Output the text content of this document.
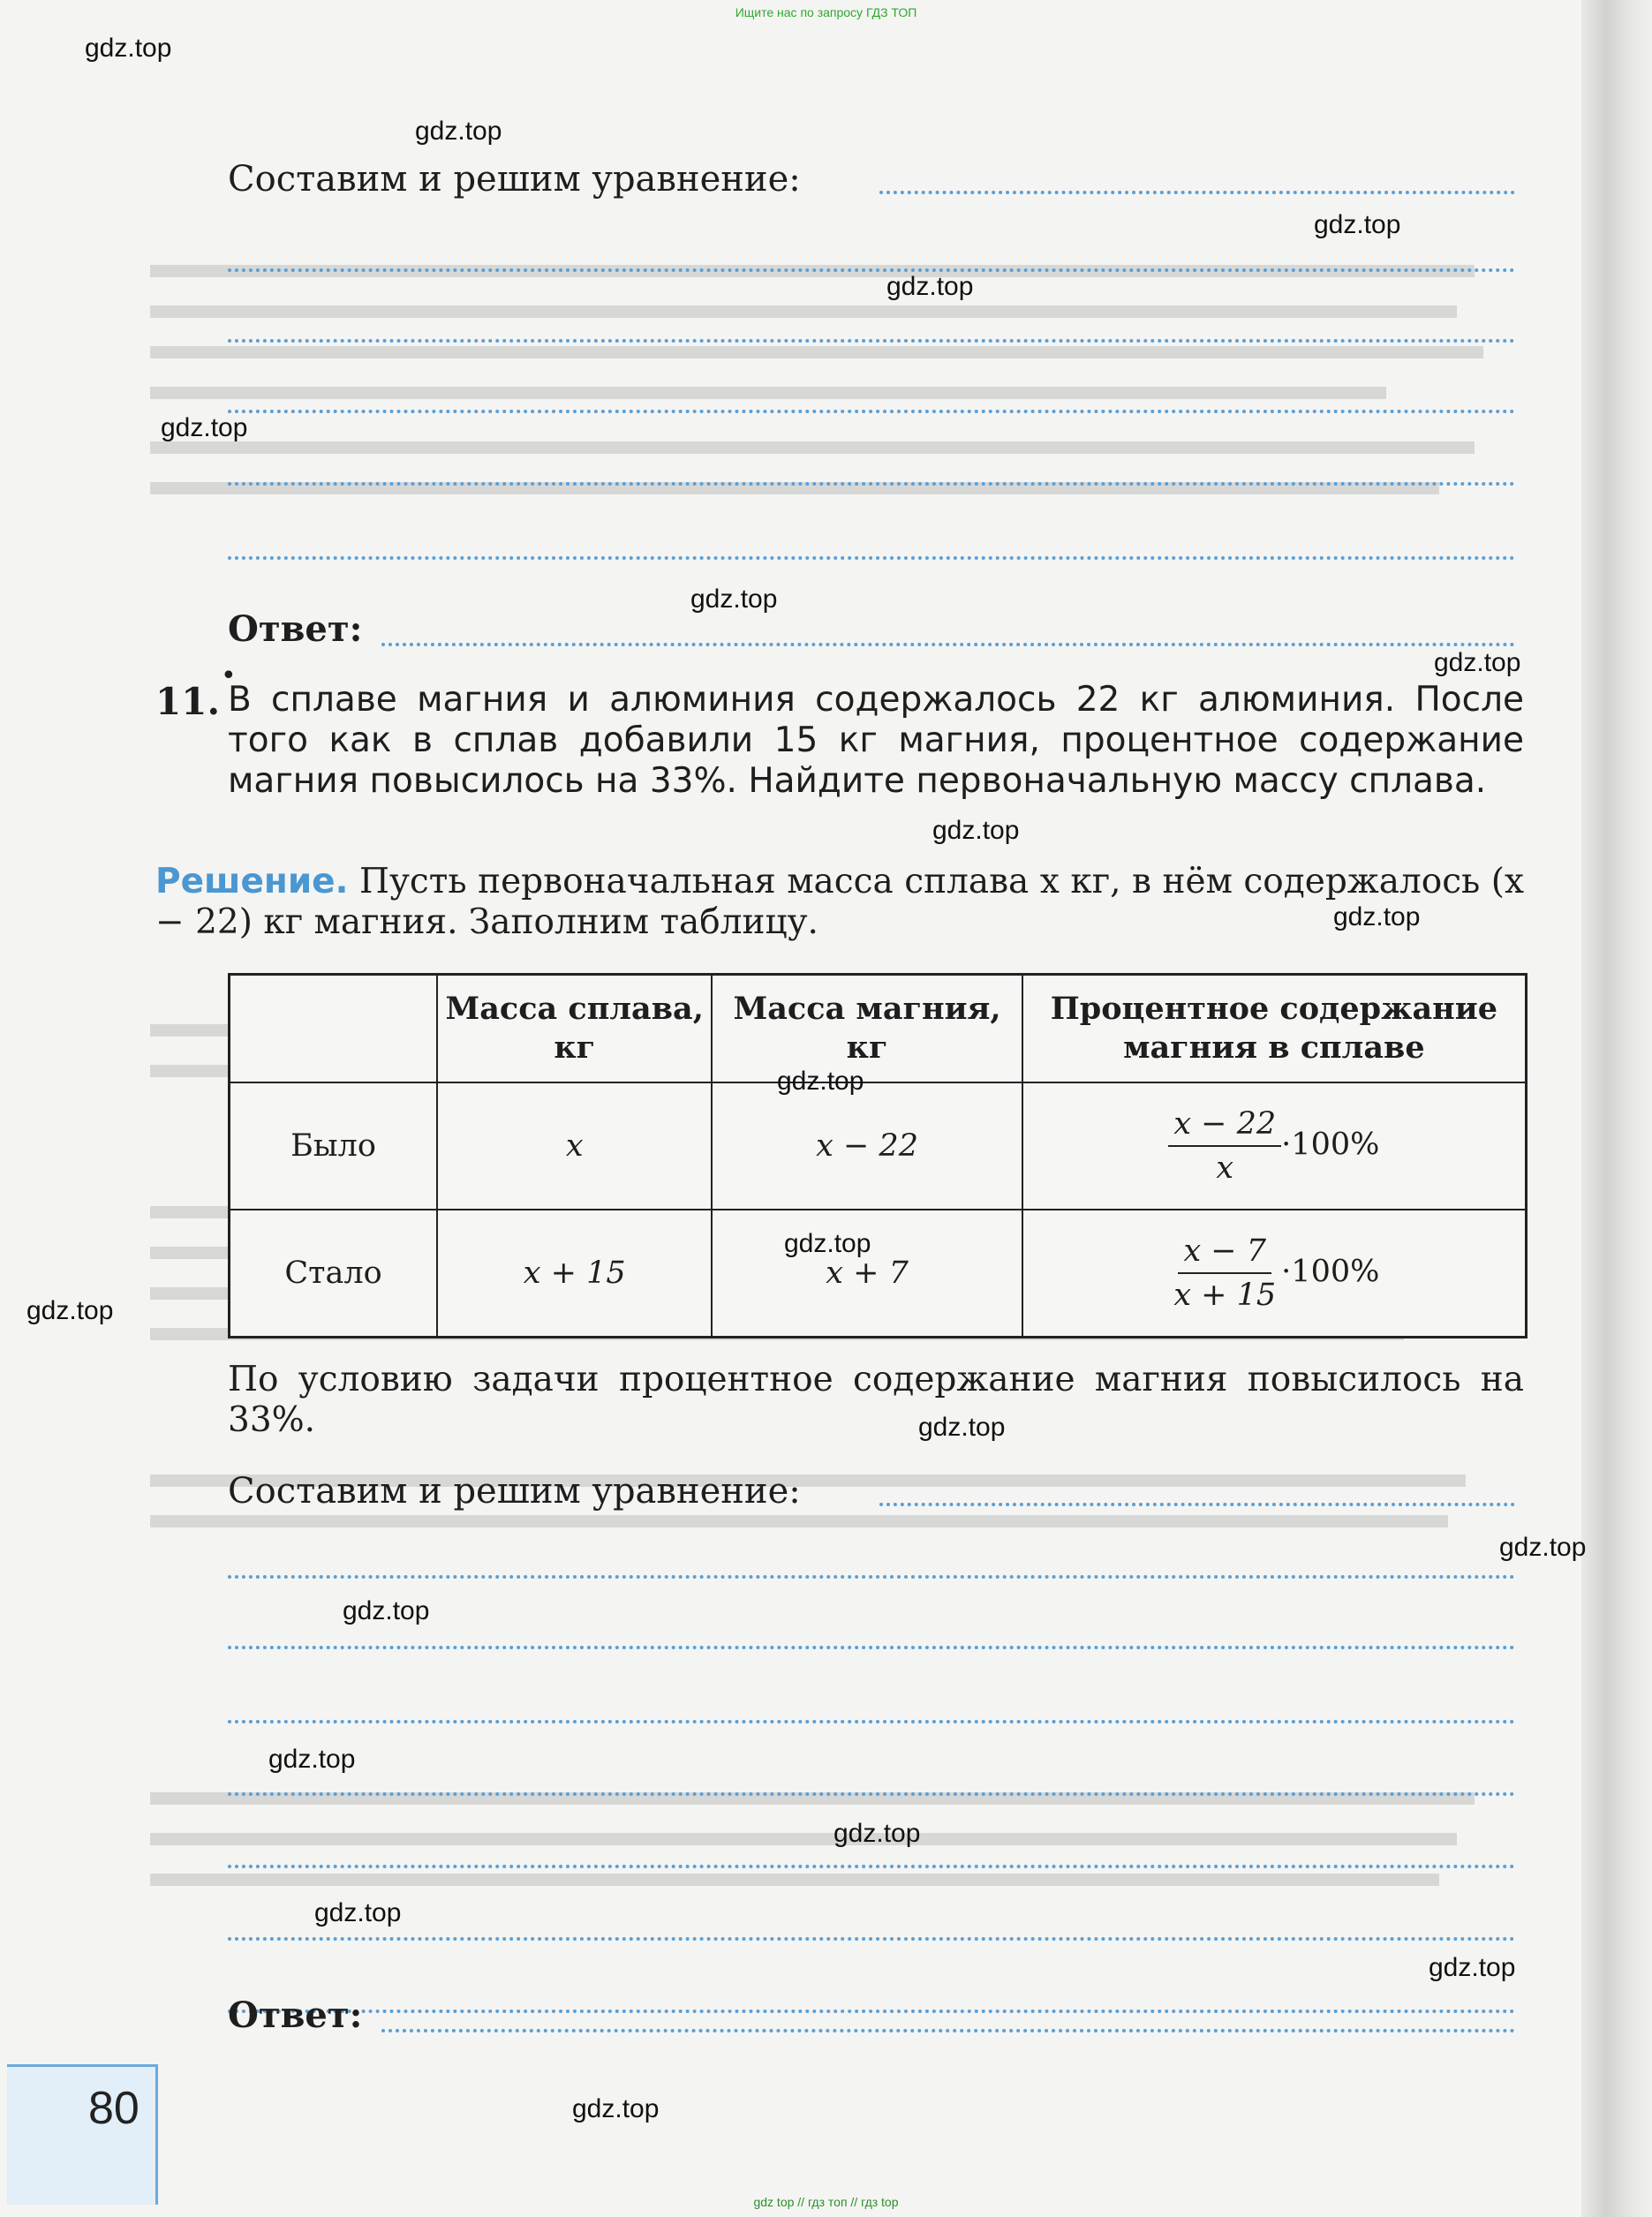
Ищите нас по запросу ГДЗ ТОП
Составим и решим уравнение:
Ответ:
•
11. В сплаве магния и алюминия содержалось 22 кг алюминия. После того как в сплав добавили 15 кг магния, процентное содержание магния повысилось на 33%. Найдите первоначальную массу сплава.
Решение. Пусть первоначальная масса сплава x кг, в нём содержалось (x − 22) кг магния. Заполним таблицу.
	Масса сплава, кг	Масса магния, кг	Процентное содержание магния в сплаве
Было	x	x − 22	$\frac{x - 22}{x} \cdot 100\%$
Стало	x + 15	x + 7	$\frac{x - 7}{x + 15} \cdot 100\%$
По условию задачи процентное содержание магния повысилось на 33%.
Составим и решим уравнение:
Ответ:
80
gdz.top
gdz.top
gdz.top
gdz.top
gdz.top
gdz.top
gdz.top
gdz.top
gdz.top
gdz.top
gdz.top
gdz.top
gdz.top
gdz.top
gdz.top
gdz.top
gdz.top
gdz.top
gdz.top
gdz.top
gdz top // гдз топ // гдз top
